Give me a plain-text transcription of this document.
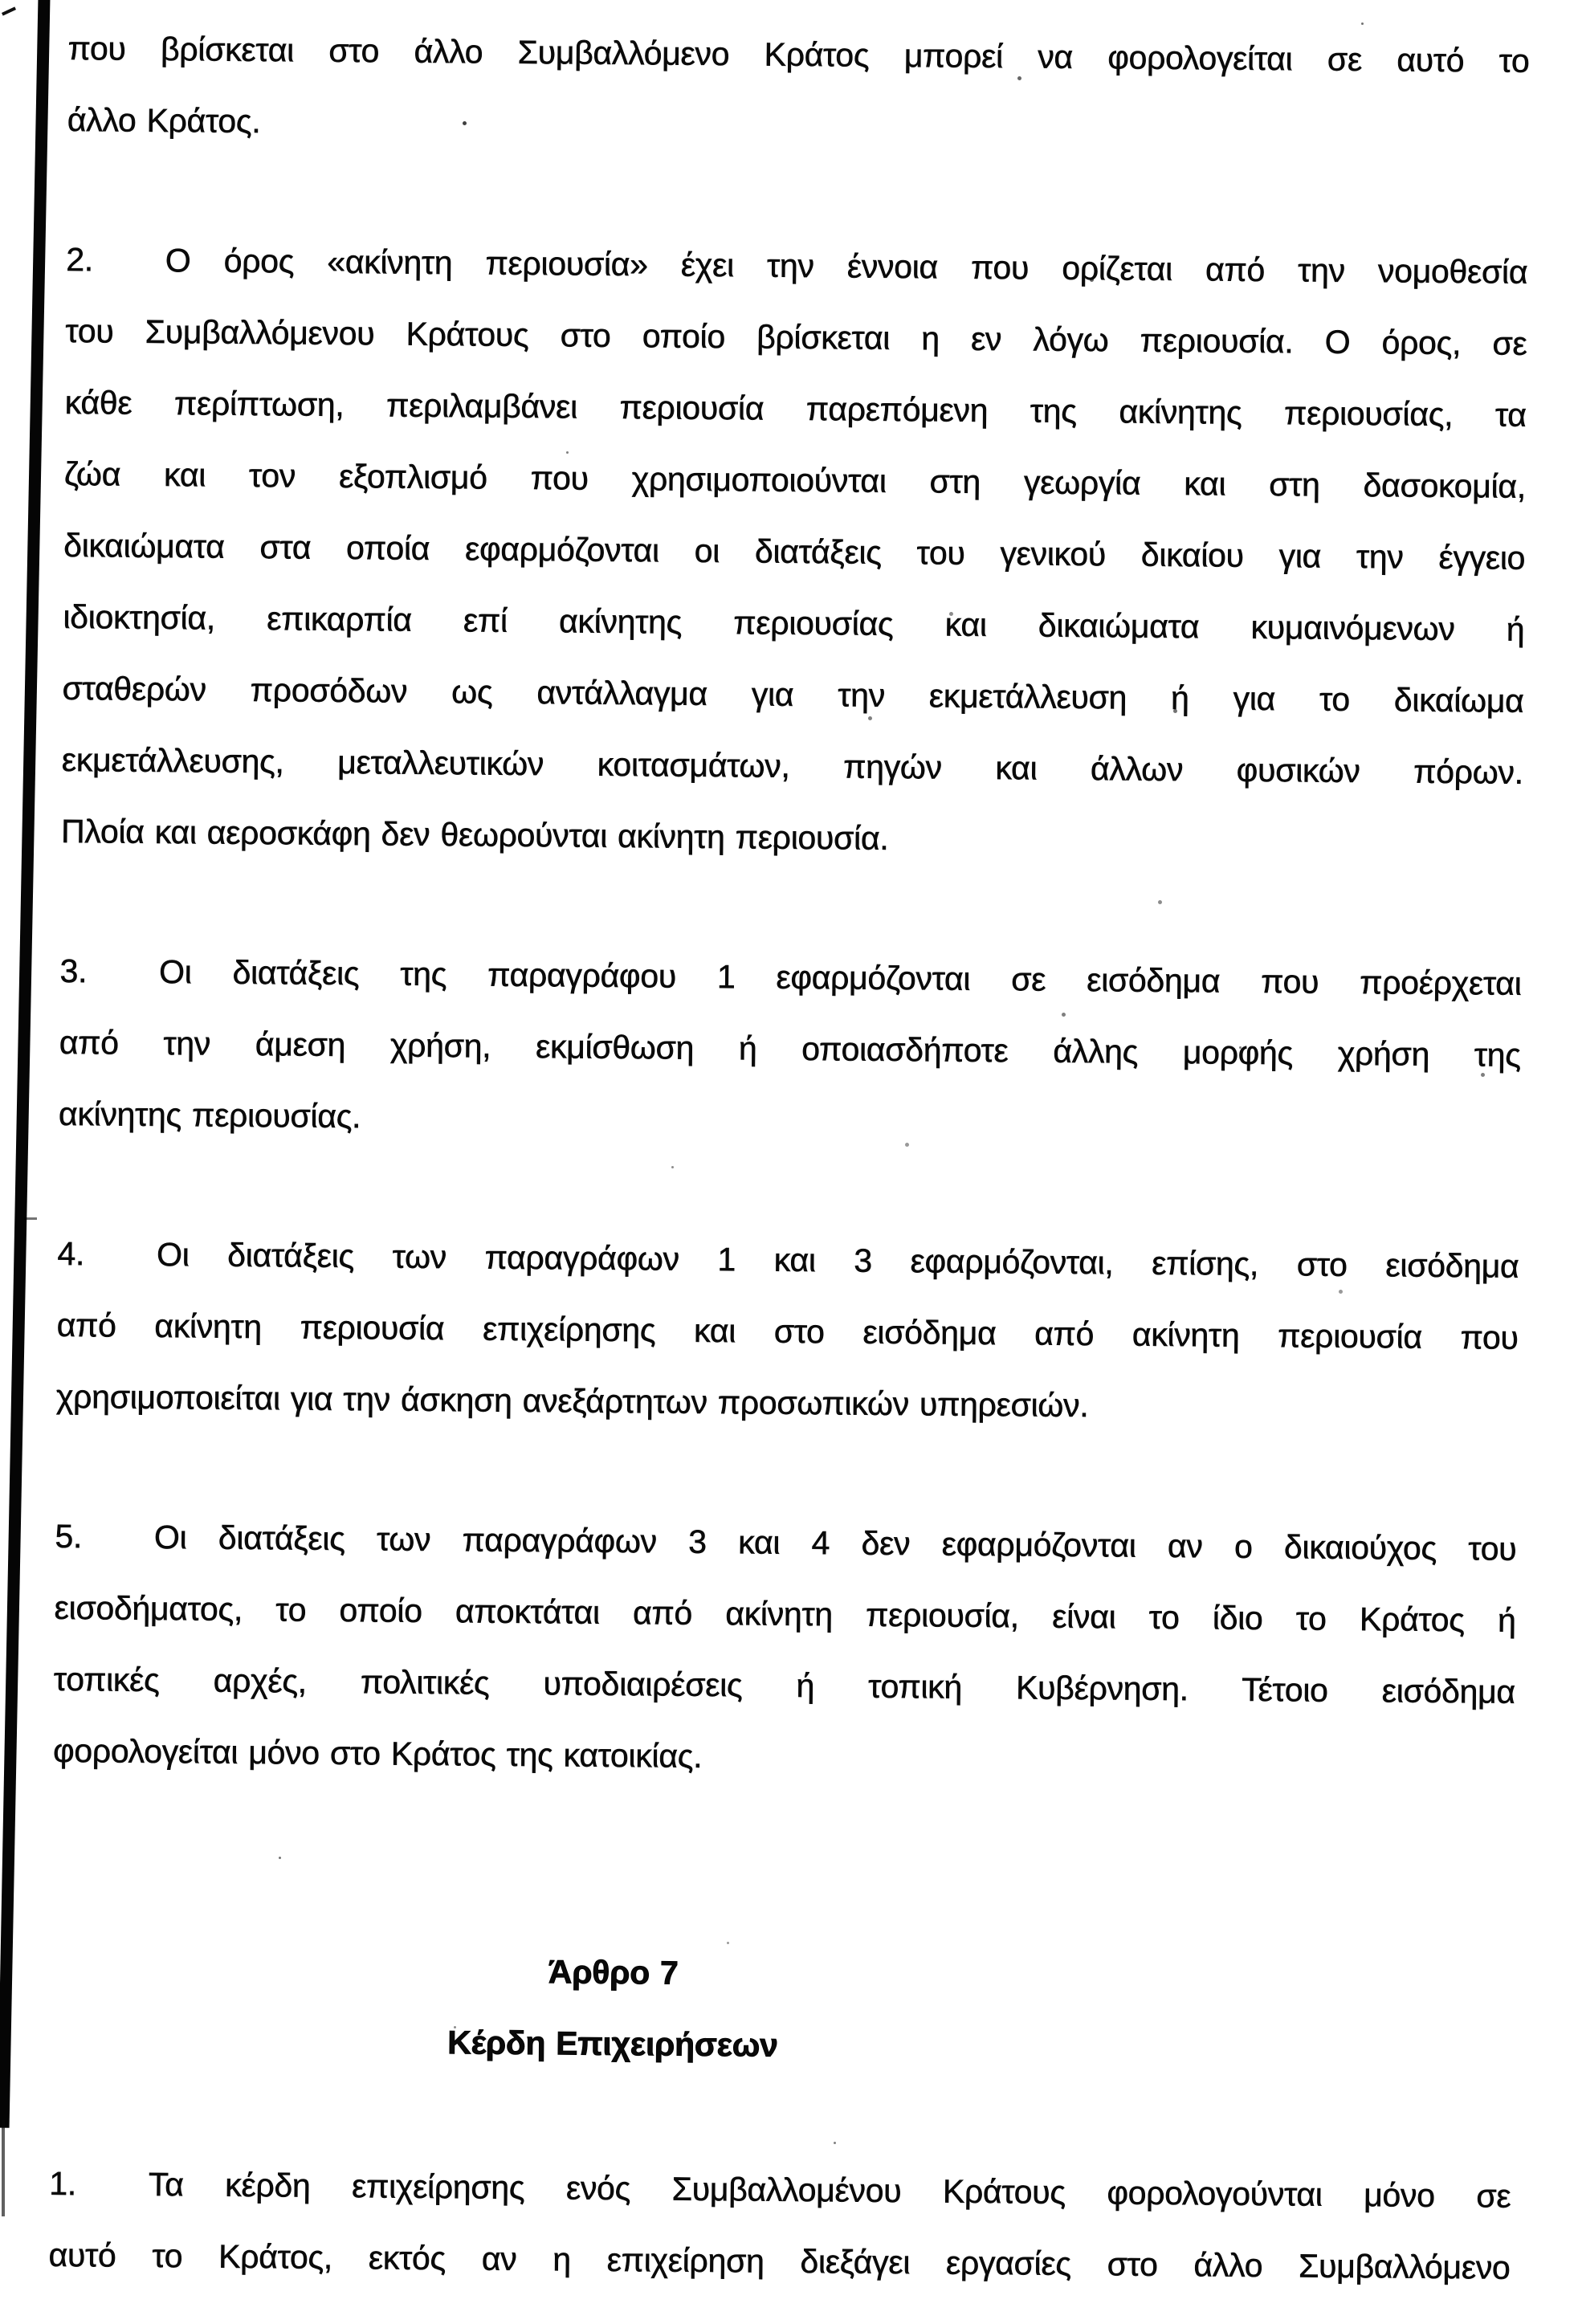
που βρίσκεται στο άλλο Συμβαλλόμενο Κράτος μπορεί να φορολογείται σε αυτό το
άλλο Κράτος.
2. Ο όρος «ακίνητη περιουσία» έχει την έννοια που ορίζεται από την νομοθεσία
του Συμβαλλόμενου Κράτους στο οποίο βρίσκεται η εν λόγω περιουσία. Ο όρος, σε
κάθε περίπτωση, περιλαμβάνει περιουσία παρεπόμενη της ακίνητης περιουσίας, τα
ζώα και τον εξοπλισμό που χρησιμοποιούνται στη γεωργία και στη δασοκομία,
δικαιώματα στα οποία εφαρμόζονται οι διατάξεις του γενικού δικαίου για την έγγειο
ιδιοκτησία, επικαρπία επί ακίνητης περιουσίας και δικαιώματα κυμαινόμενων ή
σταθερών προσόδων ως αντάλλαγμα για την εκμετάλλευση ή για το δικαίωμα
εκμετάλλευσης, μεταλλευτικών κοιτασμάτων, πηγών και άλλων φυσικών πόρων.
Πλοία και αεροσκάφη δεν θεωρούνται ακίνητη περιουσία.
3. Οι διατάξεις της παραγράφου 1 εφαρμόζονται σε εισόδημα που προέρχεται
από την άμεση χρήση, εκμίσθωση ή οποιασδήποτε άλλης μορφής χρήση της
ακίνητης περιουσίας.
4. Οι διατάξεις των παραγράφων 1 και 3 εφαρμόζονται, επίσης, στο εισόδημα
από ακίνητη περιουσία επιχείρησης και στο εισόδημα από ακίνητη περιουσία που
χρησιμοποιείται για την άσκηση ανεξάρτητων προσωπικών υπηρεσιών.
5. Οι διατάξεις των παραγράφων 3 και 4 δεν εφαρμόζονται αν ο δικαιούχος του
εισοδήματος, το οποίο αποκτάται από ακίνητη περιουσία, είναι το ίδιο το Κράτος ή
τοπικές αρχές, πολιτικές υποδιαιρέσεις ή τοπική Κυβέρνηση. Τέτοιο εισόδημα
φορολογείται μόνο στο Κράτος της κατοικίας.
Άρθρο 7
Κέρδη Επιχειρήσεων
1. Τα κέρδη επιχείρησης ενός Συμβαλλομένου Κράτους φορολογούνται μόνο σε
αυτό το Κράτος, εκτός αν η επιχείρηση διεξάγει εργασίες στο άλλο Συμβαλλόμενο
